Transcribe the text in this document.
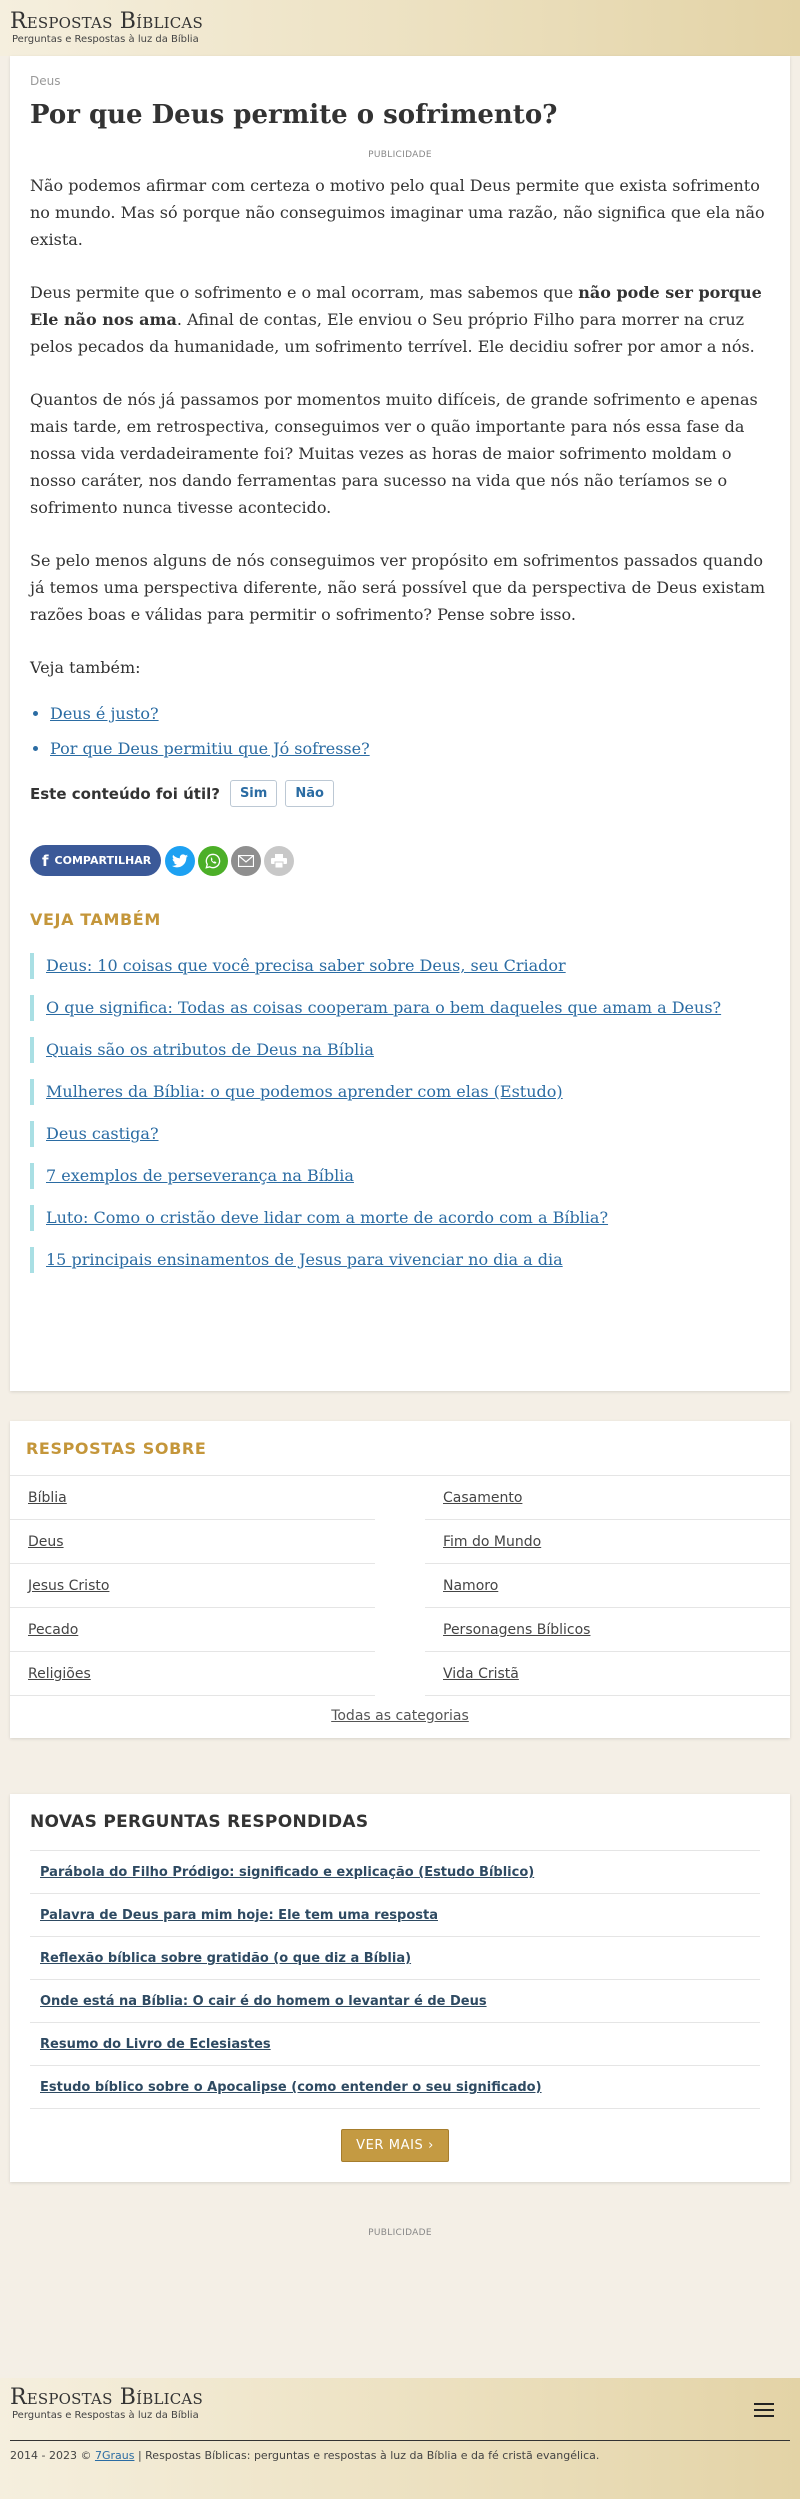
Respostas Bíblicas
Perguntas e Respostas à luz da Bíblia
Deus
Por que Deus permite o sofrimento?
PUBLICIDADE

Não podemos afirmar com certeza o motivo pelo qual Deus permite que exista sofrimento no mundo. Mas só porque não conseguimos imaginar uma razão, não significa que ela não exista.

Deus permite que o sofrimento e o mal ocorram, mas sabemos que não pode ser porque Ele não nos ama. Afinal de contas, Ele enviou o Seu próprio Filho para morrer na cruz pelos pecados da humanidade, um sofrimento terrível. Ele decidiu sofrer por amor a nós.

Quantos de nós já passamos por momentos muito difíceis, de grande sofrimento e apenas mais tarde, em retrospectiva, conseguimos ver o quão importante para nós essa fase da nossa vida verdadeiramente foi? Muitas vezes as horas de maior sofrimento moldam o nosso caráter, nos dando ferramentas para sucesso na vida que nós não teríamos se o sofrimento nunca tivesse acontecido.

Se pelo menos alguns de nós conseguimos ver propósito em sofrimentos passados quando já temos uma perspectiva diferente, não será possível que da perspectiva de Deus existam razões boas e válidas para permitir o sofrimento? Pense sobre isso.

Veja também:

• Deus é justo?
• Por que Deus permitiu que Jó sofresse?
Este conteúdo foi útil?	Sim	Não
f COMPARTILHAR
VEJA TAMBÉM
Deus: 10 coisas que você precisa saber sobre Deus, seu Criador
O que significa: Todas as coisas cooperam para o bem daqueles que amam a Deus?
Quais são os atributos de Deus na Bíblia
Mulheres da Bíblia: o que podemos aprender com elas (Estudo)
Deus castiga?
7 exemplos de perseverança na Bíblia
Luto: Como o cristão deve lidar com a morte de acordo com a Bíblia?
15 principais ensinamentos de Jesus para vivenciar no dia a dia
RESPOSTAS SOBRE
Bíblia	Casamento
Deus	Fim do Mundo
Jesus Cristo	Namoro
Pecado	Personagens Bíblicos
Religiões	Vida Cristã
Todas as categorias
NOVAS PERGUNTAS RESPONDIDAS
Parábola do Filho Pródigo: significado e explicação (Estudo Bíblico)
Palavra de Deus para mim hoje: Ele tem uma resposta
Reflexão bíblica sobre gratidão (o que diz a Bíblia)
Onde está na Bíblia: O cair é do homem o levantar é de Deus
Resumo do Livro de Eclesiastes
Estudo bíblico sobre o Apocalipse (como entender o seu significado)
VER MAIS ›
PUBLICIDADE
Respostas Bíblicas
Perguntas e Respostas à luz da Bíblia
2014 - 2023 © 7Graus | Respostas Bíblicas: perguntas e respostas à luz da Bíblia e da fé cristã evangélica.
